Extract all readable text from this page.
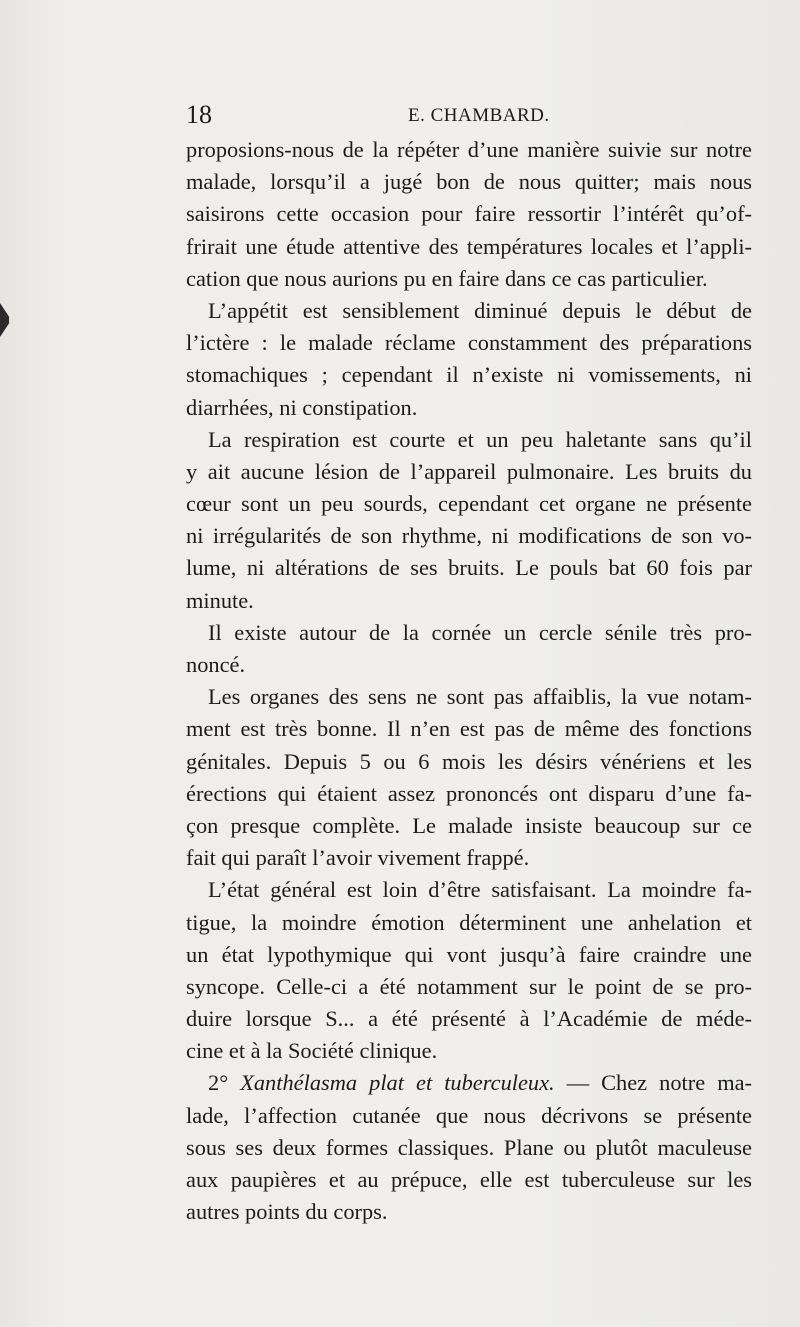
18	E. CHAMBARD.
proposions-nous de la répéter d’une manière suivie sur notre
malade, lorsqu’il a jugé bon de nous quitter; mais nous
saisirons cette occasion pour faire ressortir l’intérêt qu’of-
frirait une étude attentive des températures locales et l’appli-
cation que nous aurions pu en faire dans ce cas particulier.
L’appétit est sensiblement diminué depuis le début de
l’ictère : le malade réclame constamment des préparations
stomachiques ; cependant il n’existe ni vomissements, ni
diarrhées, ni constipation.
La respiration est courte et un peu haletante sans qu’il
y ait aucune lésion de l’appareil pulmonaire. Les bruits du
cœur sont un peu sourds, cependant cet organe ne présente
ni irrégularités de son rhythme, ni modifications de son vo-
lume, ni altérations de ses bruits. Le pouls bat 60 fois par
minute.
Il existe autour de la cornée un cercle sénile très pro-
noncé.
Les organes des sens ne sont pas affaiblis, la vue notam-
ment est très bonne. Il n’en est pas de même des fonctions
génitales. Depuis 5 ou 6 mois les désirs vénériens et les
érections qui étaient assez prononcés ont disparu d’une fa-
çon presque complète. Le malade insiste beaucoup sur ce
fait qui paraît l’avoir vivement frappé.
L’état général est loin d’être satisfaisant. La moindre fa-
tigue, la moindre émotion déterminent une anhelation et
un état lypothymique qui vont jusqu’à faire craindre une
syncope. Celle-ci a été notamment sur le point de se pro-
duire lorsque S... a été présenté à l’Académie de méde-
cine et à la Société clinique.
2° Xanthélasma plat et tuberculeux. — Chez notre ma-
lade, l’affection cutanée que nous décrivons se présente
sous ses deux formes classiques. Plane ou plutôt maculeuse
aux paupières et au prépuce, elle est tuberculeuse sur les
autres points du corps.
